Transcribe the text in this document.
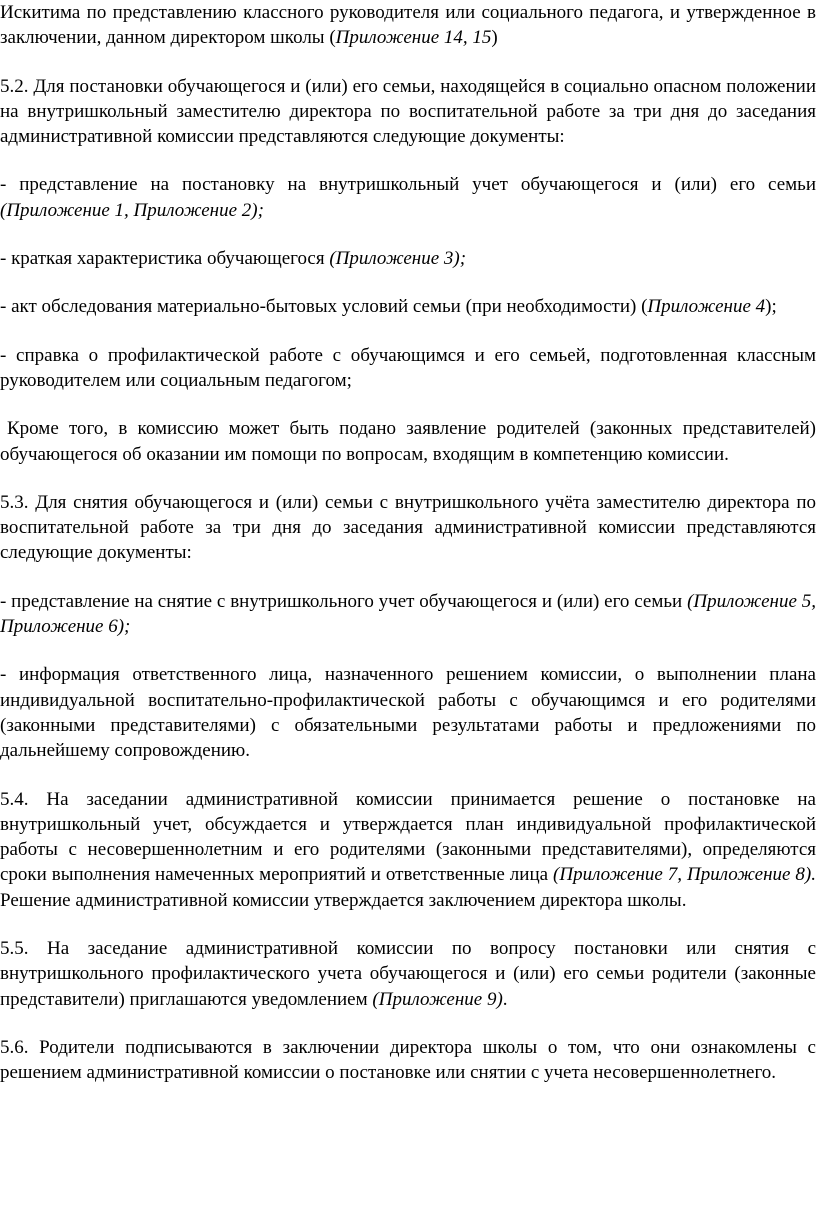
Искитима по представлению классного руководителя или социального педагога, и утвержденное в заключении, данном директором школы (Приложение 14, 15)

5.2. Для постановки обучающегося и (или) его семьи, находящейся в социально опасном положении на внутришкольный заместителю директора по воспитательной работе за три дня до заседания административной комиссии представляются следующие документы:

- представление на постановку на внутришкольный учет обучающегося и (или) его семьи (Приложение 1, Приложение 2);

- краткая характеристика обучающегося (Приложение 3);

- акт обследования материально-бытовых условий семьи (при необходимости) (Приложение 4);

- справка о профилактической работе с обучающимся и его семьей, подготовленная классным руководителем или социальным педагогом;

Кроме того, в комиссию может быть подано заявление родителей (законных представителей) обучающегося об оказании им помощи по вопросам, входящим в компетенцию комиссии.

5.3. Для снятия обучающегося и (или) семьи с внутришкольного учёта заместителю директора по воспитательной работе за три дня до заседания административной комиссии представляются следующие документы:

- представление на снятие с внутришкольного учет обучающегося и (или) его семьи (Приложение 5, Приложение 6);

- информация ответственного лица, назначенного решением комиссии, о выполнении плана индивидуальной воспитательно-профилактической работы с обучающимся и его родителями (законными представителями) с обязательными результатами работы и предложениями по дальнейшему сопровождению.

5.4. На заседании административной комиссии принимается решение о постановке на внутришкольный учет, обсуждается и утверждается план индивидуальной профилактической работы с несовершеннолетним и его родителями (законными представителями), определяются сроки выполнения намеченных мероприятий и ответственные лица (Приложение 7, Приложение 8). Решение административной комиссии утверждается заключением директора школы.

5.5. На заседание административной комиссии по вопросу постановки или снятия с внутришкольного профилактического учета обучающегося и (или) его семьи родители (законные представители) приглашаются уведомлением (Приложение 9).

5.6. Родители подписываются в заключении директора школы о том, что они ознакомлены с решением административной комиссии о постановке или снятии с учета несовершеннолетнего.
